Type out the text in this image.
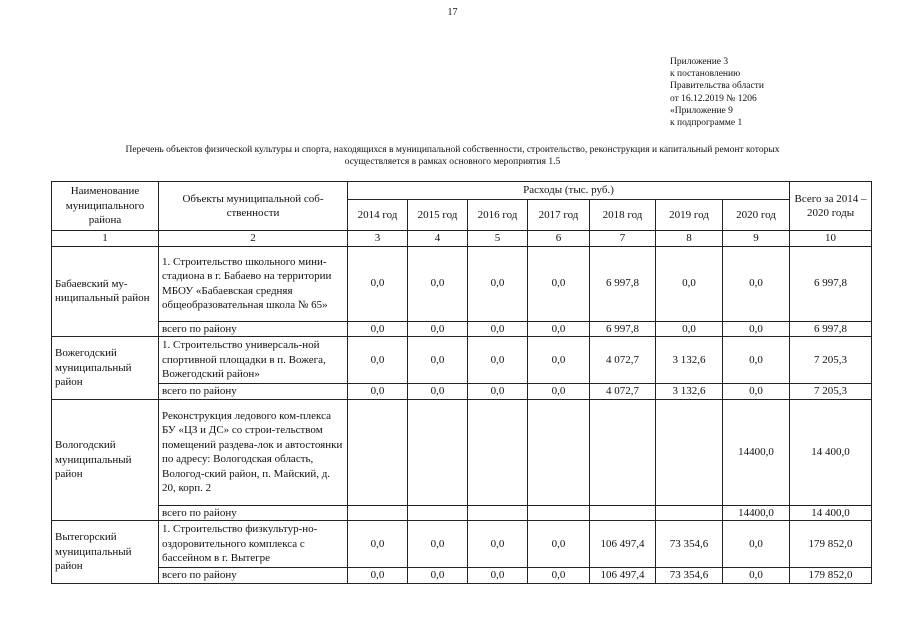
17
Приложение 3
к постановлению
Правительства области
от 16.12.2019 № 1206
«Приложение 9
к подпрограмме 1
Перечень объектов физической культуры и спорта, находящихся в муниципальной собственности, строительство, реконструкция и капитальный ремонт которых
осуществляется в рамках основного мероприятия 1.5
Наименование муниципального района	Объекты муниципальной соб-ственности	Расходы (тыс. руб.)							Всего за 2014 – 2020 годы
		2014 год	2015 год	2016 год	2017 год	2018 год	2019 год	2020 год	
1	2	3	4	5	6	7	8	9	10
Бабаевский му-ниципальный район	1. Строительство школьного мини-стадиона в г. Бабаево на территории МБОУ «Бабаевская средняя общеобразовательная школа № 65»	0,0	0,0	0,0	0,0	6 997,8	0,0	0,0	6 997,8
	всего по району	0,0	0,0	0,0	0,0	6 997,8	0,0	0,0	6 997,8
Вожегодский муниципальный район	1. Строительство универсаль-ной спортивной площадки в п. Вожега, Вожегодский район»	0,0	0,0	0,0	0,0	4 072,7	3 132,6	0,0	7 205,3
	всего по району	0,0	0,0	0,0	0,0	4 072,7	3 132,6	0,0	7 205,3
Вологодский муниципальный район	Реконструкция ледового ком-плекса БУ «ЦЗ и ДС» со строи-тельством помещений раздева-лок и автостоянки по адресу: Вологодская область, Вологод-ский район, п. Майский, д. 20, корп. 2							14400,0	14 400,0
	всего по району							14400,0	14 400,0
Вытегорский муниципальный район	1. Строительство физкультур-но-оздоровительного комплекса с бассейном в г. Вытегре	0,0	0,0	0,0	0,0	106 497,4	73 354,6	0,0	179 852,0
	всего по району	0,0	0,0	0,0	0,0	106 497,4	73 354,6	0,0	179 852,0
